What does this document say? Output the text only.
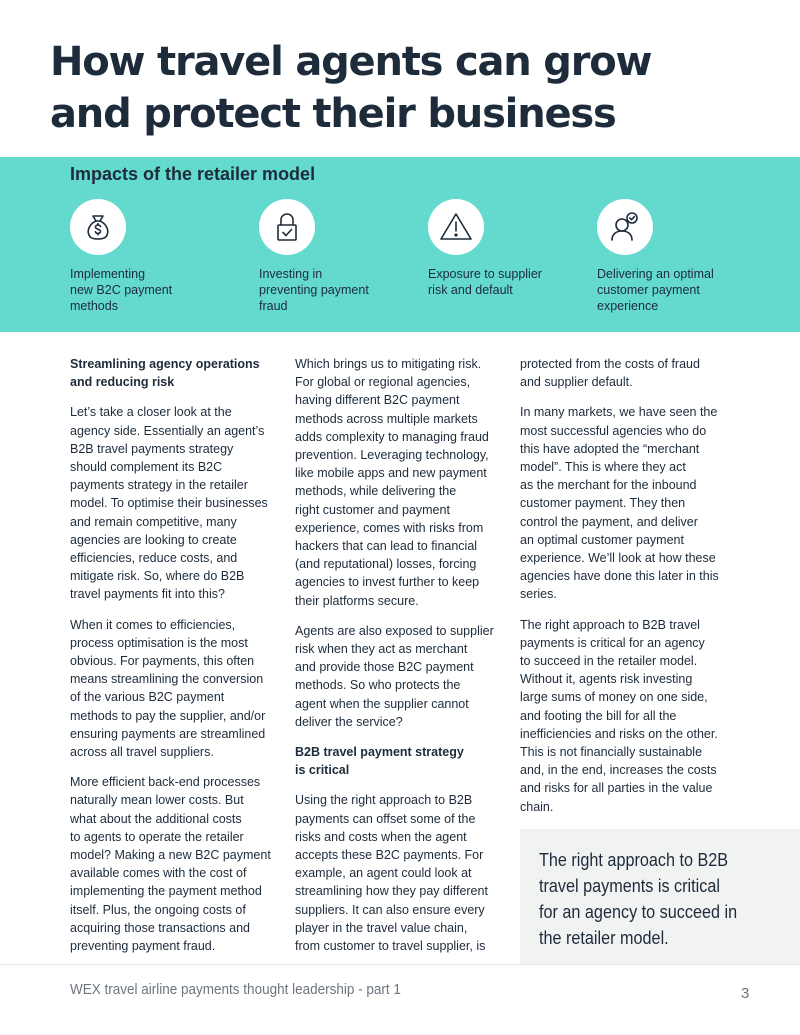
How travel agents can grow
and protect their business
Impacts of the retailer model
Implementing
new B2C payment
methods
Investing in
preventing payment
fraud
Exposure to supplier
risk and default
Delivering an optimal
customer payment
experience

Streamlining agency operations
and reducing risk

Let’s take a closer look at the
agency side. Essentially an agent’s
B2B travel payments strategy
should complement its B2C
payments strategy in the retailer
model. To optimise their businesses
and remain competitive, many
agencies are looking to create
efficiencies, reduce costs, and
mitigate risk. So, where do B2B
travel payments fit into this?

When it comes to efficiencies,
process optimisation is the most
obvious. For payments, this often
means streamlining the conversion
of the various B2C payment
methods to pay the supplier, and/or
ensuring payments are streamlined
across all travel suppliers.

More efficient back-end processes
naturally mean lower costs. But
what about the additional costs
to agents to operate the retailer
model? Making a new B2C payment
available comes with the cost of
implementing the payment method
itself. Plus, the ongoing costs of
acquiring those transactions and
preventing payment fraud.

Which brings us to mitigating risk.
For global or regional agencies,
having different B2C payment
methods across multiple markets
adds complexity to managing fraud
prevention. Leveraging technology,
like mobile apps and new payment
methods, while delivering the
right customer and payment
experience, comes with risks from
hackers that can lead to financial
(and reputational) losses, forcing
agencies to invest further to keep
their platforms secure.

Agents are also exposed to supplier
risk when they act as merchant
and provide those B2C payment
methods. So who protects the
agent when the supplier cannot
deliver the service?

B2B travel payment strategy
is critical

Using the right approach to B2B
payments can offset some of the
risks and costs when the agent
accepts these B2C payments. For
example, an agent could look at
streamlining how they pay different
suppliers. It can also ensure every
player in the travel value chain,
from customer to travel supplier, is

protected from the costs of fraud
and supplier default.

In many markets, we have seen the
most successful agencies who do
this have adopted the “merchant
model”. This is where they act
as the merchant for the inbound
customer payment. They then
control the payment, and deliver
an optimal customer payment
experience. We’ll look at how these
agencies have done this later in this
series.

The right approach to B2B travel
payments is critical for an agency
to succeed in the retailer model.
Without it, agents risk investing
large sums of money on one side,
and footing the bill for all the
inefficiencies and risks on the other.
This is not financially sustainable
and, in the end, increases the costs
and risks for all parties in the value
chain.

The right approach to B2B
travel payments is critical
for an agency to succeed in
the retailer model.

WEX travel airline payments thought leadership - part 1	3
